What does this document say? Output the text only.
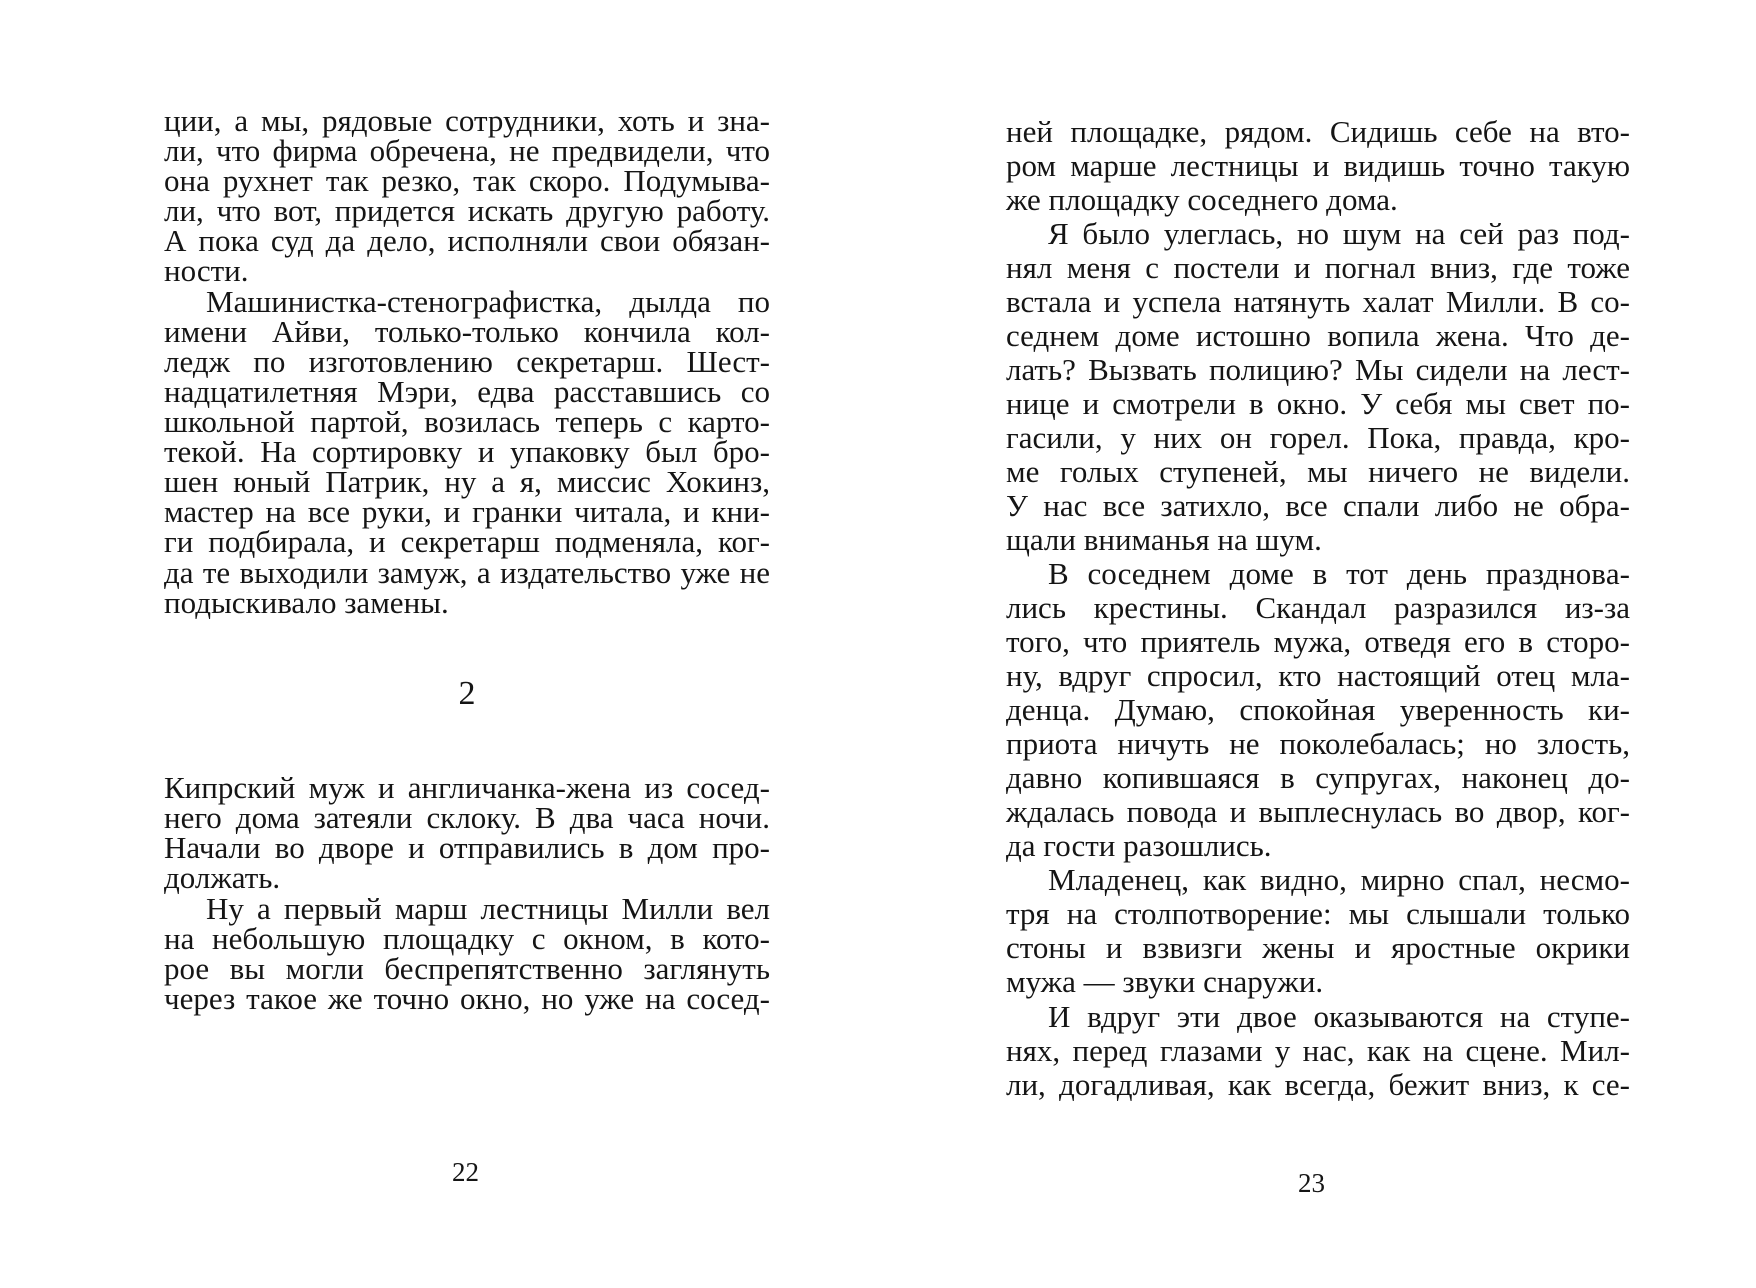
ции, а мы, рядовые сотрудники, хоть и зна-
ли, что фирма обречена, не предвидели, что
она рухнет так резко, так скоро. Подумыва-
ли, что вот, придется искать другую работу.
А пока суд да дело, исполняли свои обязан-
ности.
Машинистка-стенографистка, дылда по
имени Айви, только-только кончила кол-
ледж по изготовлению секретарш. Шест-
надцатилетняя Мэри, едва расставшись со
школьной партой, возилась теперь с карто-
текой. На сортировку и упаковку был бро-
шен юный Патрик, ну а я, миссис Хокинз,
мастер на все руки, и гранки читала, и кни-
ги подбирала, и секретарш подменяла, ког-
да те выходили замуж, а издательство уже не
подыскивало замены.
2
Кипрский муж и англичанка-жена из сосед-
него дома затеяли склоку. В два часа ночи.
Начали во дворе и отправились в дом про-
должать.
Ну а первый марш лестницы Милли вел
на небольшую площадку с окном, в кото-
рое вы могли беспрепятственно заглянуть
через такое же точно окно, но уже на сосед-
22
ней площадке, рядом. Сидишь себе на вто-
ром марше лестницы и видишь точно такую
же площадку соседнего дома.
Я было улеглась, но шум на сей раз под-
нял меня с постели и погнал вниз, где тоже
встала и успела натянуть халат Милли. В со-
седнем доме истошно вопила жена. Что де-
лать? Вызвать полицию? Мы сидели на лест-
нице и смотрели в окно. У себя мы свет по-
гасили, у них он горел. Пока, правда, кро-
ме голых ступеней, мы ничего не видели.
У нас все затихло, все спали либо не обра-
щали вниманья на шум.
В соседнем доме в тот день праздновa-
лись крестины. Скандал разразился из-за
того, что приятель мужа, отведя его в сторо-
ну, вдруг спросил, кто настоящий отец мла-
денца. Думаю, спокойная уверенность ки-
приота ничуть не поколебалась; но злость,
давно копившаяся в супругах, наконец до-
ждалась повода и выплеснулась во двор, ког-
да гости разошлись.
Младенец, как видно, мирно спал, несмо-
тря на столпотворение: мы слышали только
стоны и взвизги жены и яростные окрики
мужа — звуки снаружи.
И вдруг эти двое оказываются на ступе-
нях, перед глазами у нас, как на сцене. Мил-
ли, догадливая, как всегда, бежит вниз, к се-
23
